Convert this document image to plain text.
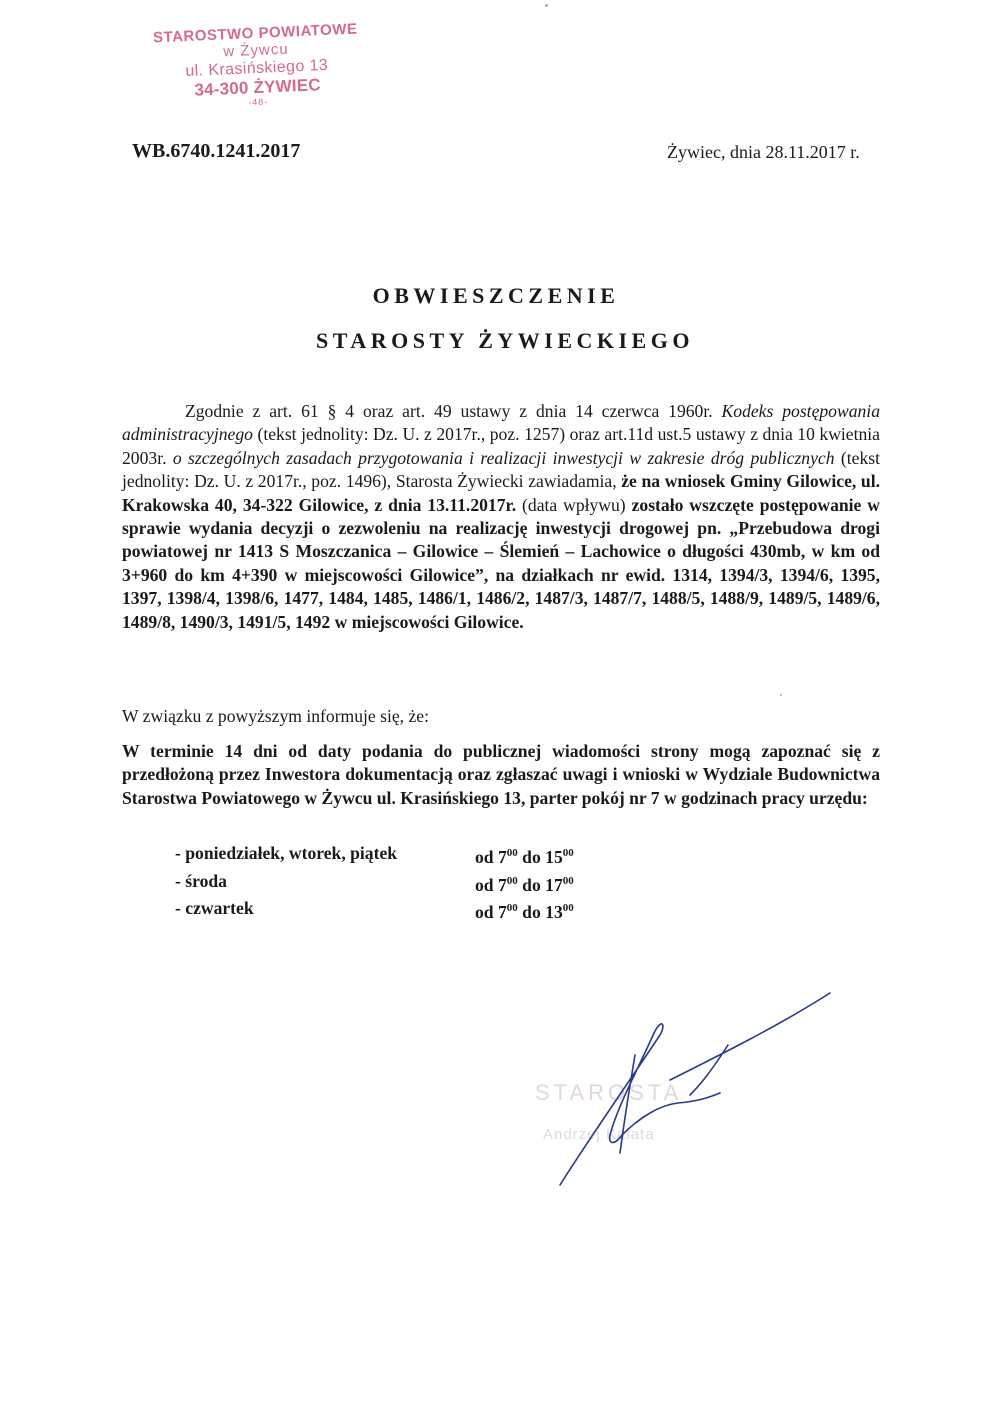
STAROSTWO POWIATOWE
w Żywcu
ul. Krasińskiego 13
34-300 ŻYWIEC
-48-
WB.6740.1241.2017	Żywiec, dnia 28.11.2017 r.
OBWIESZCZENIE
STAROSTY ŻYWIECKIEGO
Zgodnie z art. 61 § 4 oraz art. 49 ustawy z dnia 14 czerwca 1960r. Kodeks postępowania administracyjnego (tekst jednolity: Dz. U. z 2017r., poz. 1257) oraz art.11d ust.5 ustawy z dnia 10 kwietnia 2003r. o szczególnych zasadach przygotowania i realizacji inwestycji w zakresie dróg publicznych (tekst jednolity: Dz. U. z 2017r., poz. 1496), Starosta Żywiecki zawiadamia, że na wniosek Gminy Gilowice, ul. Krakowska 40, 34-322 Gilowice, z dnia 13.11.2017r. (data wpływu) zostało wszczęte postępowanie w sprawie wydania decyzji o zezwoleniu na realizację inwestycji drogowej pn. „Przebudowa drogi powiatowej nr 1413 S Moszczanica – Gilowice – Ślemień – Lachowice o długości 430mb, w km od 3+960 do km 4+390 w miejscowości Gilowice”, na działkach nr ewid. 1314, 1394/3, 1394/6, 1395, 1397, 1398/4, 1398/6, 1477, 1484, 1485, 1486/1, 1486/2, 1487/3, 1487/7, 1488/5, 1488/9, 1489/5, 1489/6, 1489/8, 1490/3, 1491/5, 1492 w miejscowości Gilowice.
W związku z powyższym informuje się, że:
W terminie 14 dni od daty podania do publicznej wiadomości strony mogą zapoznać się z przedłożoną przez Inwestora dokumentacją oraz zgłaszać uwagi i wnioski w Wydziale Budownictwa Starostwa Powiatowego w Żywcu ul. Krasińskiego 13, parter pokój nr 7 w godzinach pracy urzędu:
- poniedziałek, wtorek, piątek	od $7^{00}$ do $15^{00}$
- środa	od $7^{00}$ do $17^{00}$
- czwartek	od $7^{00}$ do $13^{00}$
STAROSTA
Andrzej Kalata
